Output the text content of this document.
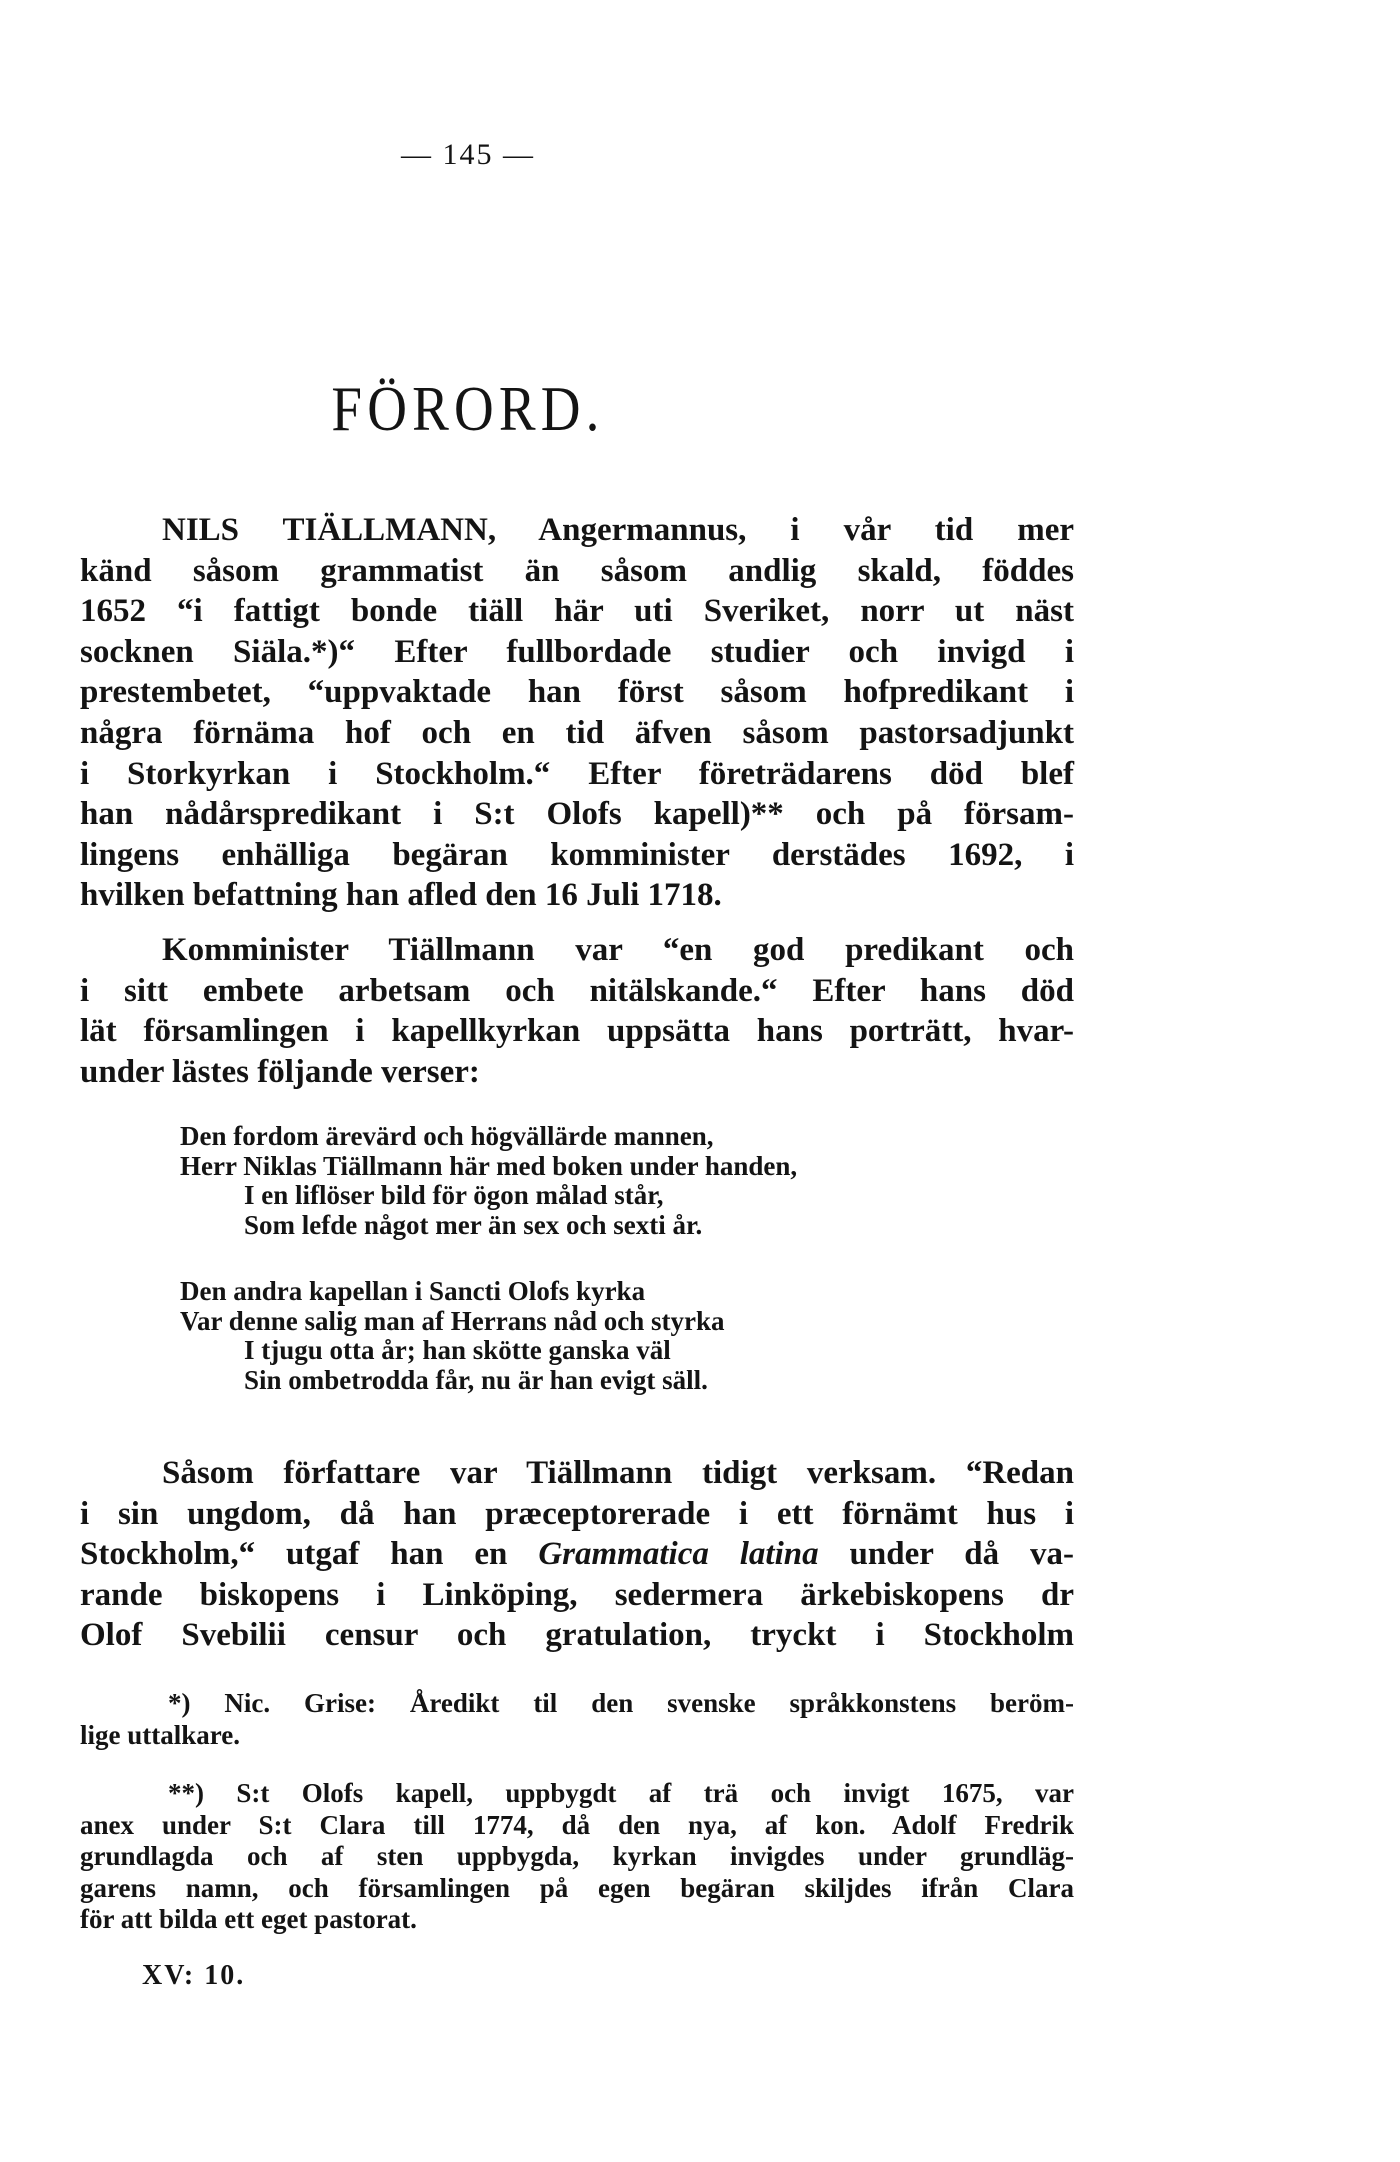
— 145 —
FÖRORD.
NILS TIÄLLMANN, Angermannus, i vår tid mer
känd såsom grammatist än såsom andlig skald, föddes
1652 “i fattigt bonde tiäll här uti Sveriket, norr ut näst
socknen Siäla.*)“ Efter fullbordade studier och invigd i
prestembetet, “uppvaktade han först såsom hofpredikant i
några förnäma hof och en tid äfven såsom pastorsadjunkt
i Storkyrkan i Stockholm.“ Efter företrädarens död blef
han nådårspredikant i S:t Olofs kapell)** och på försam-
lingens enhälliga begäran komminister derstädes 1692, i
hvilken befattning han afled den 16 Juli 1718.
Komminister Tiällmann var “en god predikant och
i sitt embete arbetsam och nitälskande.“ Efter hans död
lät församlingen i kapellkyrkan uppsätta hans porträtt, hvar-
under lästes följande verser:
Den fordom ärevärd och högvällärde mannen,
Herr Niklas Tiällmann här med boken under handen,
I en liflöser bild för ögon målad står,
Som lefde något mer än sex och sexti år.
Den andra kapellan i Sancti Olofs kyrka
Var denne salig man af Herrans nåd och styrka
I tjugu otta år; han skötte ganska väl
Sin ombetrodda får, nu är han evigt säll.
Såsom författare var Tiällmann tidigt verksam. “Redan
i sin ungdom, då han præceptorerade i ett förnämt hus i
Stockholm,“ utgaf han en Grammatica latina under då va-
rande biskopens i Linköping, sedermera ärkebiskopens dr
Olof Svebilii censur och gratulation, tryckt i Stockholm
*) Nic. Grise: Åredikt til den svenske språkkonstens beröm-
lige uttalkare.
**) S:t Olofs kapell, uppbygdt af trä och invigt 1675, var
anex under S:t Clara till 1774, då den nya, af kon. Adolf Fredrik
grundlagda och af sten uppbygda, kyrkan invigdes under grundläg-
garens namn, och församlingen på egen begäran skiljdes ifrån Clara
för att bilda ett eget pastorat.
XV: 10.
